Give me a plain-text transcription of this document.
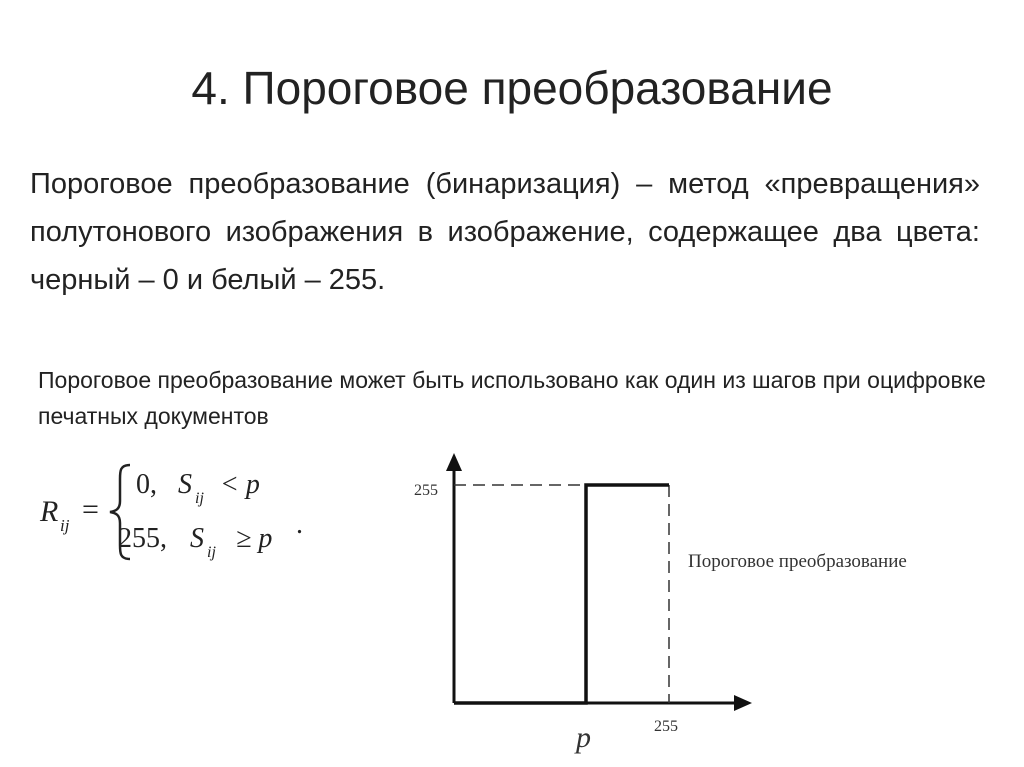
4. Пороговое преобразование
Пороговое преобразование (бинаризация) – метод «превращения» полутонового изображения в изображение, содержащее два цвета: черный – 0 и белый – 255.
Пороговое преобразование может быть использовано как один из шагов при оцифровке печатных документов
R ij =
0, S ij < p
255, S ij ≥ p .
255
p	255
Пороговое преобразование
